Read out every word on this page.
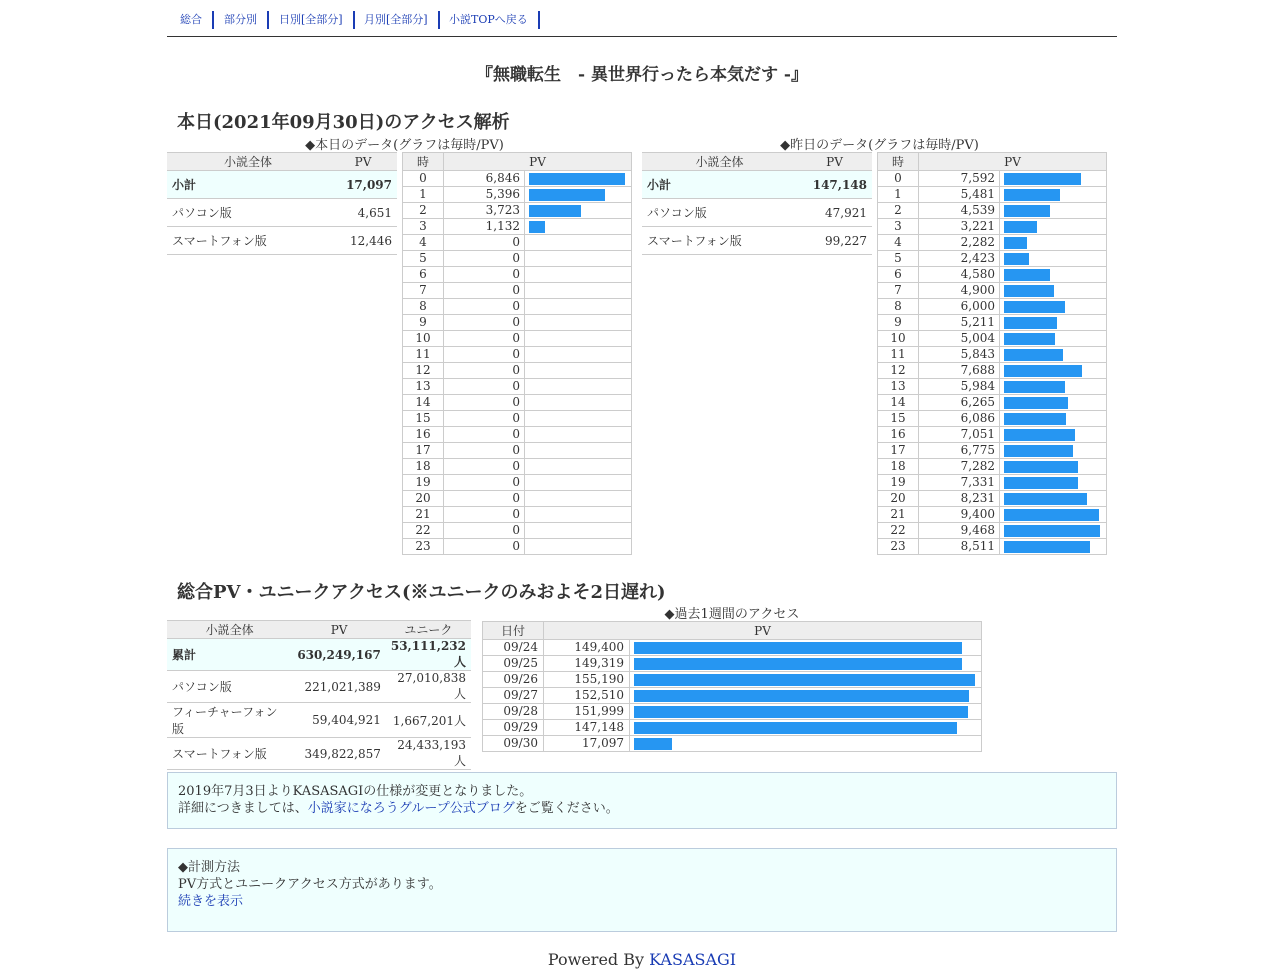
総合	部分別	日別[全部分]	月別[全部分]	小説TOPへ戻る
『無職転生　- 異世界行ったら本気だす -』
本日(2021年09月30日)のアクセス解析
◆本日のデータ(グラフは毎時/PV)	◆昨日のデータ(グラフは毎時/PV)
小説全体	PV
小計	17,097
パソコン版	4,651
スマートフォン版	12,446
時	PV	
0	6,846	

1	5,396	

2	3,723	

3	1,132	

4	0	
5	0	
6	0	
7	0	
8	0	
9	0	
10	0	
11	0	
12	0	
13	0	
14	0	
15	0	
16	0	
17	0	
18	0	
19	0	
20	0	
21	0	
22	0	
23	0	
小説全体	PV
小計	147,148
パソコン版	47,921
スマートフォン版	99,227
時	PV	
0	7,592	

1	5,481	

2	4,539	

3	3,221	

4	2,282	

5	2,423	

6	4,580	

7	4,900	

8	6,000	

9	5,211	

10	5,004	

11	5,843	

12	7,688	

13	5,984	

14	6,265	

15	6,086	

16	7,051	

17	6,775	

18	7,282	

19	7,331	

20	8,231	

21	9,400	

22	9,468	

23	8,511	
総合PV・ユニークアクセス(※ユニークのみおよそ2日遅れ)
小説全体	PV	ユニーク
累計	630,249,167	53,111,232人
パソコン版	221,021,389	27,010,838人
フィーチャーフォン版	59,404,921	1,667,201人
スマートフォン版	349,822,857	24,433,193人
◆過去1週間のアクセス
日付	PV	
09/24	149,400	

09/25	149,319	

09/26	155,190	

09/27	152,510	

09/28	151,999	

09/29	147,148	

09/30	17,097	
2019年7月3日よりKASASAGIの仕様が変更となりました。
詳細につきましては、小説家になろうグループ公式ブログをご覧ください。
◆計測方法
PV方式とユニークアクセス方式があります。
続きを表示
Powered By KASASAGI
